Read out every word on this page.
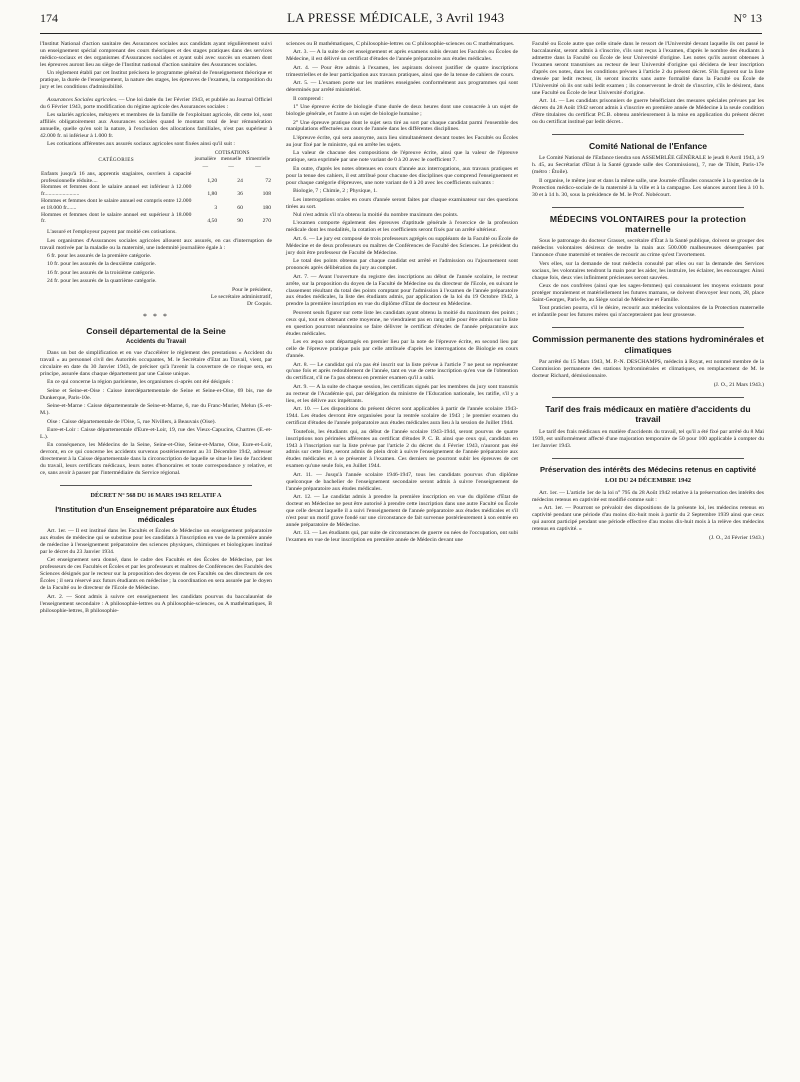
174	LA PRESSE MÉDICALE, 3 Avril 1943	N° 13

l'Institut National d'action sanitaire des Assurances sociales aux candidats ayant régulièrement suivi un enseignement spécial comprenant des cours théoriques et des stages pratiques dans des services médico-sociaux et des organismes d'Assurances sociales et ayant subi avec succès un examen dont les épreuves auront lieu au siège de l'Institut national d'action sanitaire des Assurances sociales.

Un règlement établi par cet Institut précisera le programme général de l'enseignement théorique et pratique, la durée de l'enseignement, la nature des stages, les épreuves de l'examen, la composition du jury et les conditions d'admissibilité.

Assurances Sociales agricoles. — Une loi datée du 1er Février 1943, et publiée au Journal Officiel du 6 Février 1943, porte modification du régime agricole des Assurances sociales :

Les salariés agricoles, métayers et membres de la famille de l'exploitant agricole, dit cette loi, sont affiliés obligatoirement aux Assurances sociales quand le montant total de leur rémunération annuelle, quelle qu'en soit la nature, à l'exclusion des allocations familiales, n'est pas supérieur à 42.000 fr. ni inférieur à 1.000 fr.

Les cotisations afférentes aux assurés sociaux agricoles sont fixées ainsi qu'il suit :

CATÉGORIES	COTISATIONS		
	journalière	mensuelle	trimestrielle
	—	—	—
Enfants jusqu'à 16 ans, apprentis stagiaires, ouvriers à capacité professionnelle réduite....	1,20	24	72
Hommes et femmes dont le salaire annuel est inférieur à 12.000 fr.........................	1,80	36	108
Hommes et femmes dont le salaire annuel est compris entre 12.000 et 18.000 fr.......	3	60	180
Hommes et femmes dont le salaire annuel est supérieur à 18.000 fr.	4,50	90	270

L'assuré et l'employeur payent par moitié ces cotisations.

Les organismes d'Assurances sociales agricoles allouent aux assurés, en cas d'interruption de travail motivée par la maladie ou la maternité, une indemnité journalière égale à :

6 fr. pour les assurés de la première catégorie.

10 fr. pour les assurés de la deuxième catégorie.

16 fr. pour les assurés de la troisième catégorie.

24 fr. pour les assurés de la quatrième catégorie.

Pour le président,

Le secrétaire administratif,

Dr Coquis.

* * *
Conseil départemental de la Seine
Accidents du Travail

Dans un but de simplification et en vue d'accélérer le règlement des prestations « Accident du travail » au personnel civil des Autorités occupantes, M. le Secrétaire d'Etat au Travail, vient, par circulaire en date du 30 Janvier 1943, de préciser qu'à l'avenir la couverture de ce risque sera, en principe, assurée dans chaque département par une Caisse unique.

En ce qui concerne la région parisienne, les organismes ci-après ont été désignés :

Seine et Seine-et-Oise : Caisse interdépartementale de Seine et Seine-et-Oise, 69 bis, rue de Dunkerque, Paris-10e.

Seine-et-Marne : Caisse départementale de Seine-et-Marne, 6, rue du Franc-Murier, Melun (S.-et-M.).

Oise : Caisse départementale de l'Oise, 5, rue Nivillers, à Beauvais (Oise).

Eure-et-Loir : Caisse départementale d'Eure-et-Loir, 19, rue des Vieux-Capucins, Chartres (E.-et-L.).

En conséquence, les Médecins de la Seine, Seine-et-Oise, Seine-et-Marne, Oise, Eure-et-Loir, devront, en ce qui concerne les accidents survenus postérieurement au 31 Décembre 1942, adresser directement à la Caisse départementale dans la circonscription de laquelle se situe le lieu de l'accident du travail, leurs certificats médicaux, leurs notes d'honoraires et toute correspondance y relative, et ce, sans avoir à passer par l'intermédiaire du Service régional.

DÉCRET N° 568 DU 16 MARS 1943 RELATIF A
l'Institution d'un Enseignement préparatoire aux Études médicales

Art. 1er. — Il est institué dans les Facultés et Écoles de Médecine un enseignement préparatoire aux études de médecine qui se substitue pour les candidats à l'inscription en vue de la première année de médecine à l'enseignement préparatoire des sciences physiques, chimiques et biologiques institué par le décret du 23 Janvier 1934.

Cet enseignement sera donné, dans le cadre des Facultés et des Écoles de Médecine, par les professeurs de ces Facultés et Écoles et par les professeurs et maîtres de Conférences des Facultés des Sciences désignés par le recteur sur la proposition des doyens de ces Facultés ou des directeurs de ces Écoles ; il sera réservé aux futurs étudiants en médecine ; la coordination en sera assurée par le doyen de la Faculté ou le directeur de l'Ecole de Médecine.

Art. 2. — Sont admis à suivre cet enseignement les candidats pourvus du baccalauréat de l'enseignement secondaire : A philosophie-lettres ou A philosophie-sciences, ou A mathématiques, B philosophie-lettres, B philosophie-

sciences ou B mathématiques, C philosophie-lettres ou C philosophie-sciences ou C mathématiques.

Art. 3. — A la suite de cet enseignement et après examens subis devant les Facultés ou Écoles de Médecine, il est délivré un certificat d'études de l'année préparatoire aux études médicales.

Art. 4. — Pour être admis à l'examen, les aspirants doivent justifier de quatre inscriptions trimestrielles et de leur participation aux travaux pratiques, ainsi que de la tenue de cahiers de cours.

Art. 5. — L'examen porte sur les matières enseignées conformément aux programmes qui sont déterminés par arrêté ministériel.

Il comprend :

1° Une épreuve écrite de biologie d'une durée de deux heures dont une consacrée à un sujet de biologie générale, et l'autre à un sujet de biologie humaine ;

2° Une épreuve pratique dont le sujet sera tiré au sort par chaque candidat parmi l'ensemble des manipulations effectuées au cours de l'année dans les différentes disciplines.

L'épreuve écrite, qui sera anonyme, aura lieu simultanément devant toutes les Facultés ou Écoles au jour fixé par le ministre, qui en arrête les sujets.

La valeur de chacune des compositions de l'épreuve écrite, ainsi que la valeur de l'épreuve pratique, sera exprimée par une note variant de 0 à 20 avec le coefficient 7.

En outre, d'après les notes obtenues en cours d'année aux interrogations, aux travaux pratiques et pour la tenue des cahiers, il est attribué pour chacune des disciplines que comprend l'enseignement et pour chaque catégorie d'épreuves, une note variant de 0 à 20 avec les coefficients suivants :

Biologie, 7 ; Chimie, 2 ; Physique, 1.

Les interrogations orales en cours d'année seront faites par chaque examinateur sur des questions tirées au sort.

Nul n'est admis s'il n'a obtenu la moitié du nombre maximum des points.

L'examen comporte également des épreuves d'aptitude générale à l'exercice de la profession médicale dont les modalités, la cotation et les coefficients seront fixés par un arrêté ultérieur.

Art. 6. — Le jury est composé de trois professeurs agrégés ou suppléants de la Faculté ou École de Médecine et de deux professeurs ou maîtres de Conférences de Faculté des Sciences. Le président du jury doit être professeur de Faculté de Médecine.

Le total des points obtenus par chaque candidat est arrêté et l'admission ou l'ajournement sont prononcés après délibération du jury au complet.

Art. 7. — Avant l'ouverture du registre des inscriptions au début de l'année scolaire, le recteur arrête, sur la proposition du doyen de la Faculté de Médecine ou du directeur de l'Ecole, en suivant le classement résultant du total des points comptant pour l'admission à l'examen de l'année préparatoire aux études médicales, la liste des étudiants admis, par application de la loi du 19 Octobre 1942, à prendre la première inscription en vue du diplôme d'Etat de docteur en Médecine.

Peuvent seuls figurer sur cette liste les candidats ayant obtenu la moitié du maximum des points ; ceux qui, tout en obtenant cette moyenne, ne viendraient pas en rang utile pour être admis sur la liste en question pourront néanmoins se faire délivrer le certificat d'études de l'année préparatoire aux études médicales.

Les ex æquo sont départagés en premier lieu par la note de l'épreuve écrite, en second lieu par celle de l'épreuve pratique puis par celle attribuée d'après les interrogations de Biologie en cours d'année.

Art. 8. — Le candidat qui n'a pas été inscrit sur la liste prévue à l'article 7 ne peut se représenter qu'une fois et après redoublement de l'année, tant en vue de cette inscription qu'en vue de l'obtention du certificat, s'il ne l'a pas obtenu en premier examen qu'il a subi.

Art. 9. — A la suite de chaque session, les certificats signés par les membres du jury sont transmis au recteur de l'Académie qui, par délégation du ministre de l'Education nationale, les ratifie, s'il y a lieu, et les délivre aux impétrants.

Art. 10. — Les dispositions du présent décret sont applicables à partir de l'année scolaire 1943-1944. Les études devront être organisées pour la rentrée scolaire de 1943 ; le premier examen du certificat d'études de l'année préparatoire aux études médicales aura lieu à la session de Juillet 1944.

Toutefois, les étudiants qui, au début de l'année scolaire 1943-1944, seront pourvus de quatre inscriptions non périmées afférentes au certificat d'études P. C. B. ainsi que ceux qui, candidats en 1943 à l'inscription sur la liste prévue par l'article 2 du décret du 4 Février 1943, n'auront pas été admis sur cette liste, seront admis de plein droit à suivre l'enseignement de l'année préparatoire aux études médicales et à se présenter à l'examen. Ces derniers ne pourront subir les épreuves de cet examen qu'une seule fois, en Juillet 1944.

Art. 11. — Jusqu'à l'année scolaire 1946-1947, tous les candidats pourvus d'un diplôme quelconque de bachelier de l'enseignement secondaire seront admis à suivre l'enseignement de l'année préparatoire aux études médicales.

Art. 12. — Le candidat admis à prendre la première inscription en vue du diplôme d'Etat de docteur en Médecine ne peut être autorisé à prendre cette inscription dans une autre Faculté ou École que celle devant laquelle il a suivi l'enseignement de l'année préparatoire aux études médicales et s'il n'est pour un motif grave fondé sur une circonstance de fait survenue postérieurement à son entrée en année préparatoire de Médecine.

Art. 13. — Les étudiants qui, par suite de circonstances de guerre ou nées de l'occupation, ont subi l'examen en vue de leur inscription en première année de Médecin devant une

Faculté ou Ecole autre que celle située dans le ressort de l'Université devant laquelle ils ont passé le baccalauréat, seront admis à s'inscrire, s'ils sont reçus à l'examen, d'après le nombre des étudiants à admettre dans la Faculté ou École de leur Université d'origine. Les notes qu'ils auront obtenues à l'examen seront transmises au recteur de leur Université d'origine qui décidera de leur inscription d'après ces notes, dans les conditions prévues à l'article 2 du présent décret. S'ils figurent sur la liste dressée par ledit recteur, ils seront inscrits sans autre formalité dans la Faculté ou École de l'Université où ils ont subi ledit examen ; ils conserveront le droit de s'inscrire, s'ils le désirent, dans une Faculté ou École de leur Université d'origine.

Art. 14. — Les candidats prisonniers de guerre bénéficiant des mesures spéciales prévues par les décrets du 28 Août 1942 seront admis à s'inscrire en première année de Médecine à la seule condition d'être titulaires du certificat P.C.B. obtenu antérieurement à la mise en application du présent décret ou du certificat institué par ledit décret..

Comité National de l'Enfance

Le Comité National de l'Enfance tiendra son ASSEMBLÉE GÉNÉRALE le jeudi 8 Avril 1943, à 9 h. 45, au Secrétariat d'Etat à la Santé (grande salle des Commissions), 7, rue de Tilsitt, Paris-17e (métro : Étoile).

Il organise, le même jour et dans la même salle, une Journée d'Études consacrée à la question de la Protection médico-sociale de la maternité à la ville et à la campagne. Les séances auront lieu à 10 h. 30 et à 14 h. 30, sous la présidence de M. le Prof. Nobécourt.

MÉDECINS VOLONTAIRES pour la protection maternelle

Sous le patronage du docteur Grasset, secrétaire d'État à la Santé publique, doivent se grouper des médecins volontaires désireux de tendre la main aux 500.000 malheureuses désemparées par l'annonce d'une maternité et tentées de recourir au crime qu'est l'avortement.

Vers elles, sur la demande de tout médecin consulté par elles ou sur la demande des Services sociaux, les volontaires tendront la main pour les aider, les instruire, les éclairer, les encourager. Ainsi chaque fois, deux vies infiniment précieuses seront sauvées.

Ceux de nos confrères (ainsi que les sages-femmes) qui connaissent les moyens existants pour protéger moralement et matériellement les futures mamans, se doivent d'envoyer leur nom, 28, place Saint-Georges, Paris-9e, au Siège social de Médecine et Famille.

Tout praticien pourra, s'il le désire, recourir aux médecins volontaires de la Protection maternelle et infantile pour les futures mères qui n'accepteraient pas leur grossesse.

Commission permanente des stations hydrominérales et climatiques

Par arrêté du 15 Mars 1943, M. P.-N. DESCHAMPS, médecin à Royat, est nommé membre de la Commission permanente des stations hydrominérales et climatiques, en remplacement de M. le docteur Richard, démissionnaire.

(J. O., 21 Mars 1943.)

Tarif des frais médicaux en matière d'accidents du travail

Le tarif des frais médicaux en matière d'accidents du travail, tel qu'il a été fixé par arrêté du 8 Mai 1939, est uniformément affecté d'une majoration temporaire de 50 pour 100 applicable à compter du 1er Janvier 1943.

Préservation des intérêts des Médecins retenus en captivité
LOI DU 24 DÉCEMBRE 1942

Art. 1er. — L'article 1er de la loi n° 795 du 28 Août 1942 relative à la préservation des intérêts des médecins retenus en captivité est modifié comme suit :

« Art. 1er. — Pourront se prévaloir des dispositions de la présente loi, les médecins retenus en captivité pendant une période d'au moins dix-huit mois à partir du 2 Septembre 1939 ainsi que ceux qui auront participé pendant une période effective d'au moins dix-huit mois à la relève des médecins retenus en captivité. »

(J. O., 24 Février 1943.)
